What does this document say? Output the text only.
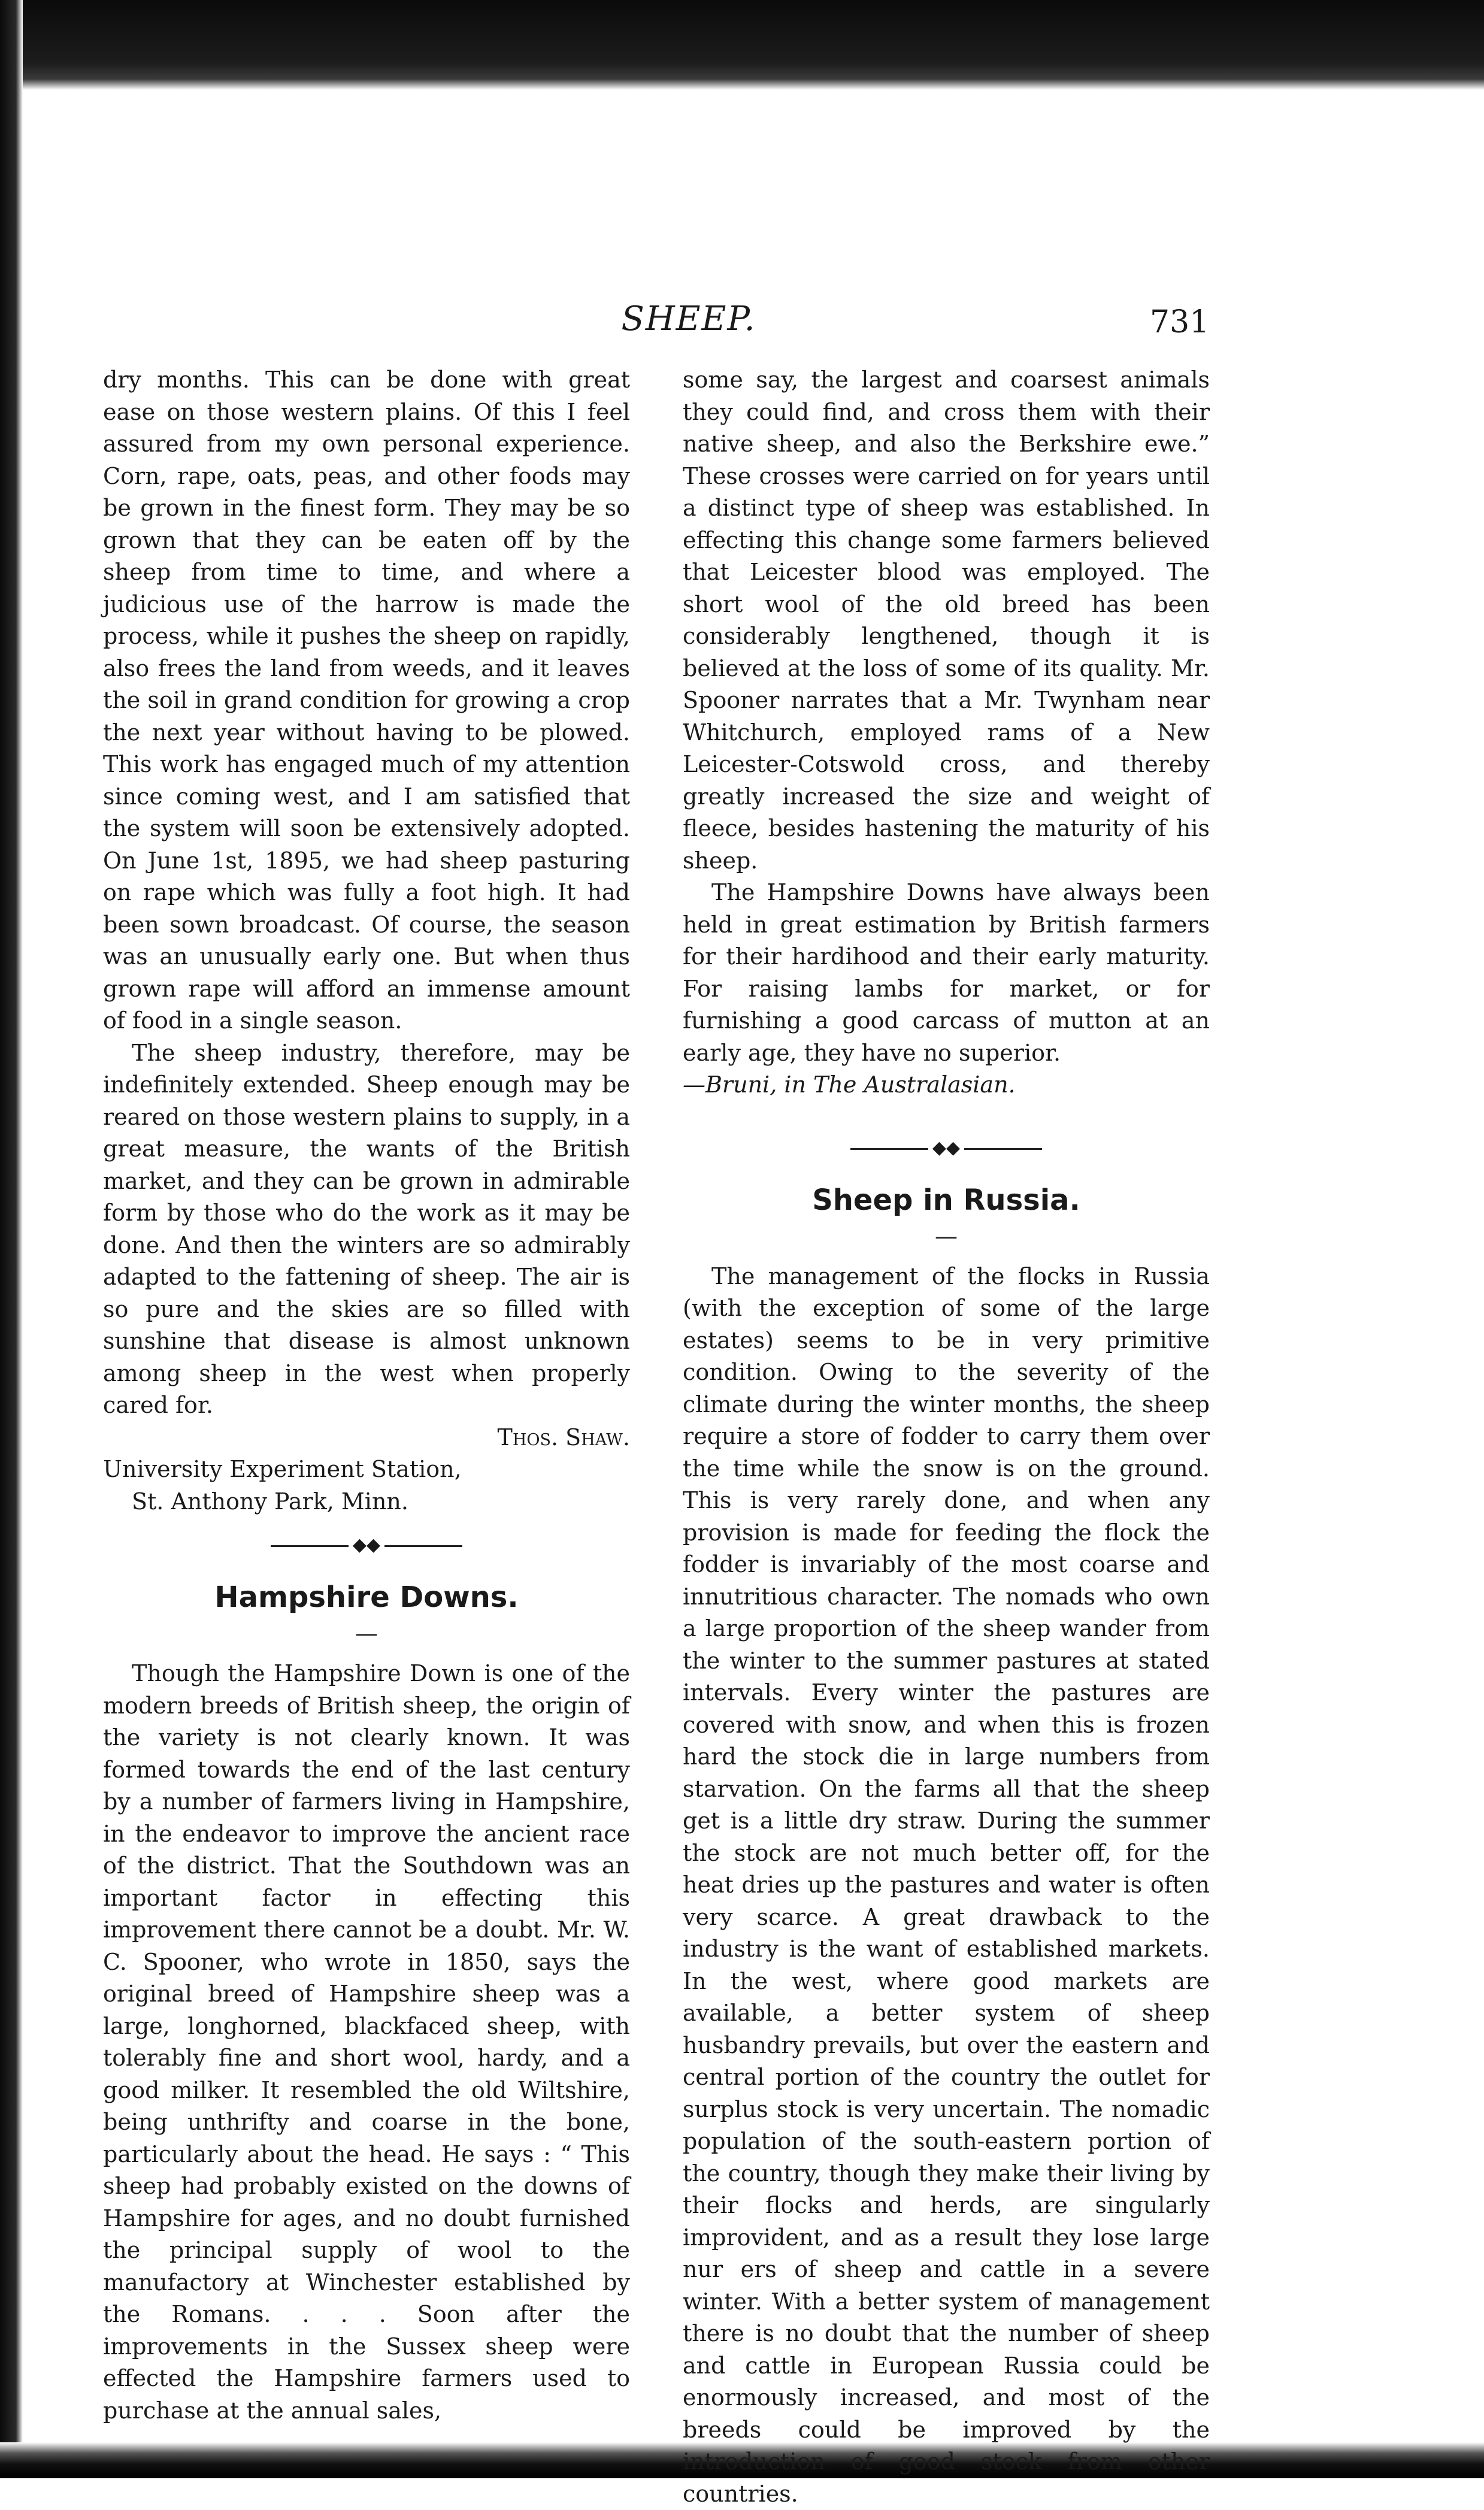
SHEEP.	731

dry months. This can be done with great ease on those western plains. Of this I feel assured from my own personal experience. Corn, rape, oats, peas, and other foods may be grown in the finest form. They may be so grown that they can be eaten off by the sheep from time to time, and where a judicious use of the harrow is made the process, while it pushes the sheep on rapidly, also frees the land from weeds, and it leaves the soil in grand condition for growing a crop the next year without having to be plowed. This work has engaged much of my attention since coming west, and I am satisfied that the system will soon be extensively adopted. On June 1st, 1895, we had sheep pasturing on rape which was fully a foot high. It had been sown broadcast. Of course, the season was an unusually early one. But when thus grown rape will afford an immense amount of food in a single season.

The sheep industry, therefore, may be indefinitely extended. Sheep enough may be reared on those western plains to supply, in a great measure, the wants of the British market, and they can be grown in admirable form by those who do the work as it may be done. And then the winters are so admirably adapted to the fattening of sheep. The air is so pure and the skies are so filled with sunshine that disease is almost unknown among sheep in the west when properly cared for.

Thos. Shaw.

University Experiment Station,

St. Anthony Park, Minn.

◆◆
Hampshire Downs.
—

Though the Hampshire Down is one of the modern breeds of British sheep, the origin of the variety is not clearly known. It was formed towards the end of the last century by a number of farmers living in Hampshire, in the endeavor to improve the ancient race of the district. That the Southdown was an important factor in effecting this improvement there cannot be a doubt. Mr. W. C. Spooner, who wrote in 1850, says the original breed of Hampshire sheep was a large, longhorned, blackfaced sheep, with tolerably fine and short wool, hardy, and a good milker. It resembled the old Wiltshire, being unthrifty and coarse in the bone, particularly about the head. He says : “ This sheep had probably existed on the downs of Hampshire for ages, and no doubt furnished the principal supply of wool to the manufactory at Winchester established by the Romans. . . . Soon after the improvements in the Sussex sheep were effected the Hampshire farmers used to purchase at the annual sales,

some say, the largest and coarsest animals they could find, and cross them with their native sheep, and also the Berkshire ewe.” These crosses were carried on for years until a distinct type of sheep was established. In effecting this change some farmers believed that Leicester blood was employed. The short wool of the old breed has been considerably lengthened, though it is believed at the loss of some of its quality. Mr. Spooner narrates that a Mr. Twynham near Whitchurch, employed rams of a New Leicester-Cotswold cross, and thereby greatly increased the size and weight of fleece, besides hastening the maturity of his sheep.

The Hampshire Downs have always been held in great estimation by British farmers for their hardihood and their early maturity. For raising lambs for market, or for furnishing a good carcass of mutton at an early age, they have no superior.

—Bruni, in The Australasian.

◆◆
Sheep in Russia.
—

The management of the flocks in Russia (with the exception of some of the large estates) seems to be in very primitive condition. Owing to the severity of the climate during the winter months, the sheep require a store of fodder to carry them over the time while the snow is on the ground. This is very rarely done, and when any provision is made for feeding the flock the fodder is invariably of the most coarse and innutritious character. The nomads who own a large proportion of the sheep wander from the winter to the summer pastures at stated intervals. Every winter the pastures are covered with snow, and when this is frozen hard the stock die in large numbers from starvation. On the farms all that the sheep get is a little dry straw. During the summer the stock are not much better off, for the heat dries up the pastures and water is often very scarce. A great drawback to the industry is the want of established markets. In the west, where good markets are available, a better system of sheep husbandry prevails, but over the eastern and central portion of the country the outlet for surplus stock is very uncertain. The nomadic population of the south-eastern portion of the country, though they make their living by their flocks and herds, are singularly improvident, and as a result they lose large nur ers of sheep and cattle in a severe winter. With a better system of management there is no doubt that the number of sheep and cattle in European Russia could be enormously increased, and most of the breeds could be improved by the introduction of good stock from other countries.
